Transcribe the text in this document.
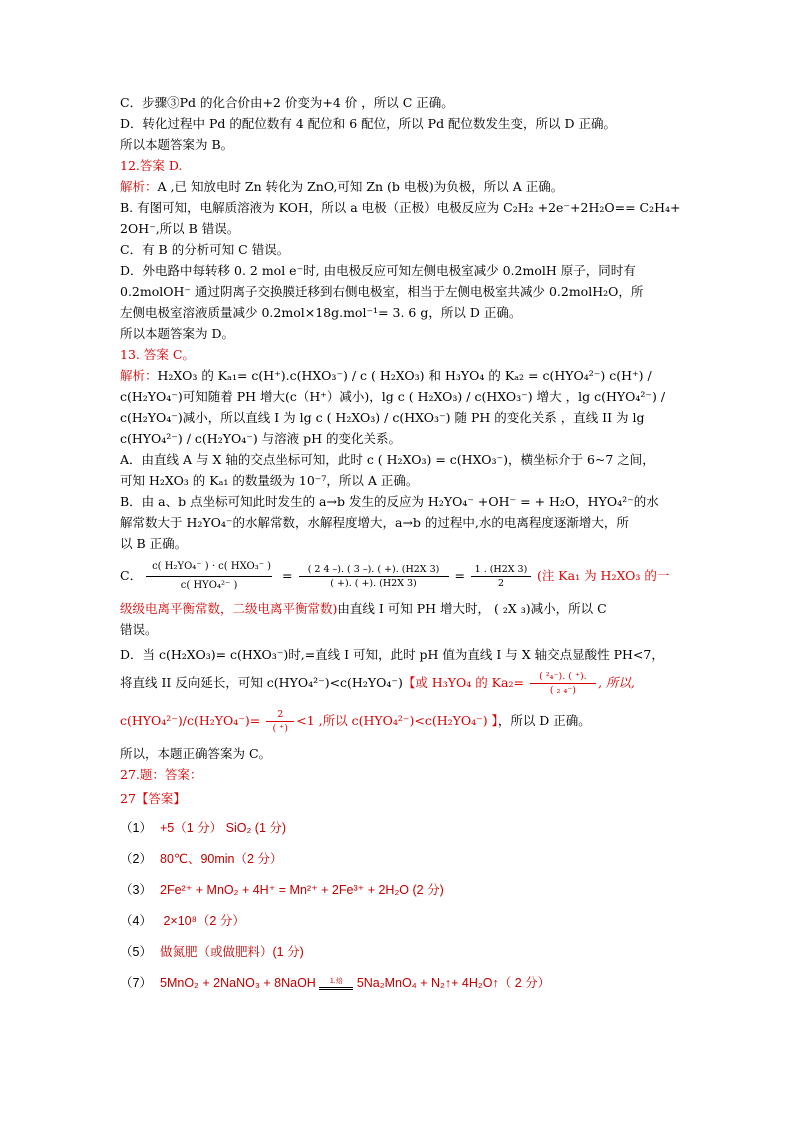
C．步骤③Pd 的化合价由+2 价变为+4 价 ，所以 C 正确。
D．转化过程中 Pd 的配位数有 4 配位和 6 配位，所以 Pd 配位数发生变，所以 D 正确。
所以本题答案为 B。
12.答案 D.
解析：A ,已 知放电时 Zn 转化为 ZnO,可知 Zn (b 电极)为负极，所以 A 正确。
B. 有图可知，电解质溶液为 KOH，所以 a 电极（正极）电极反应为 C₂H₂ +2e⁻+2H₂O== C₂H₄+
2OH⁻,所以 B 错误。
C．有 B 的分析可知 C 错误。
D．外电路中每转移 0. 2 mol e⁻时, 由电极反应可知左侧电极室减少 0.2molH 原子，同时有
0.2molOH⁻ 通过阴离子交换膜迁移到右侧电极室，相当于左侧电极室共减少 0.2molH₂O，所
左侧电极室溶液质量减少 0.2mol×18g.mol⁻¹= 3. 6 g，所以 D 正确。
所以本题答案为 D。
13. 答案 C。
解析：H₂XO₃ 的 Kₐ₁= c(H⁺).c(HXO₃⁻) / c ( H₂XO₃) 和 H₃YO₄ 的 Kₐ₂ = c(HYO₄²⁻) c(H⁺) /
c(H₂YO₄⁻)可知随着 PH 增大(c（H⁺）减小)，lg c ( H₂XO₃) / c(HXO₃⁻) 增大 ，lg c(HYO₄²⁻) /
c(H₂YO₄⁻)减小，所以直线 I 为 lg c ( H₂XO₃) / c(HXO₃⁻) 随 PH 的变化关系 ，直线 II 为 lg
c(HYO₄²⁻) / c(H₂YO₄⁻) 与溶液 pH 的变化关系。
A．由直线 A 与 X 轴的交点坐标可知，此时 c ( H₂XO₃) = c(HXO₃⁻)，横坐标介于 6~7 之间，
可知 H₂XO₃ 的 Kₐ₁ 的数量级为 10⁻⁷，所以 A 正确。
B．由 a、b 点坐标可知此时发生的 a→b 发生的反应为 H₂YO₄⁻ +OH⁻ = + H₂O，HYO₄²⁻的水
解常数大于 H₂YO₄⁻的水解常数，水解程度增大，a→b 的过程中,水的电离程度逐渐增大，所
以 B 正确。
C． $\frac{\text{c( H₂YO₄⁻ ) · c( HXO₃⁻ )}}{\text{c( HYO₄²⁻ )}} = \frac{( 2 4 -). ( 3 -). ( +). (H2X 3)}{( +). ( +). (H2X 3)} = \frac{1 . (H2X 3)}{2}$ (注 Ka₁ 为 H₂XO₃ 的一
级级电离平衡常数，二级电离平衡常数)由直线 I 可知 PH 增大时， ( ₂X ₃)减小，所以 C
错误。
D．当 c(H₂XO₃)= c(HXO₃⁻)时,=直线 I 可知，此时 pH 值为直线 I 与 X 轴交点显酸性 PH<7，
将直线 II 反向延长，可知 c(HYO₄²⁻)<c(H₂YO₄⁻)【或 H₃YO₄ 的 $Ka_2= \frac{\text{( ²₄⁻). ( ⁺).}}{\text{( ₂ ₄⁻)}}$ , 所以,
$c(HYO_4^{2-})/c(H_2YO_4^-)= \frac{2}{( ^+)} <1$ ,所以 c(HYO₄²⁻)<c(H₂YO₄⁻) 】，所以 D 正确。
所以，本题正确答案为 C。
27.题：答案：
27【答案】
（1） +5（1 分） SiO₂ (1 分)
（2） 80℃、90min（2 分）
（3） 2Fe²⁺ + MnO₂ + 4H⁺ = Mn²⁺ + 2Fe³⁺ + 2H₂O (2 分)
（4） 2×10⁸（2 分）
（5） 做氮肥（或做肥料）(1 分)
（7） 5MnO₂ + 2NaNO₃ + 8NaOH 1.焙 5Na₂MnO₄ + N₂↑+ 4H₂O↑（ 2 分）
